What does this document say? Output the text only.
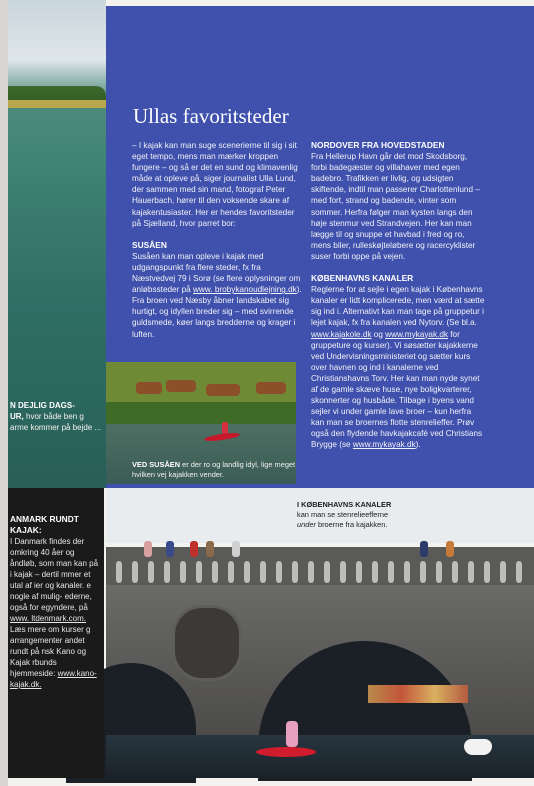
N DEJLIG DAGS-
UR, hvor både ben g arme kommer på bejde ...
Ullas favoritsteder

– I kajak kan man suge scenerierne til sig i sit eget tempo, mens man mærker kroppen fungere – og så er det en sund og klimavenlig måde at opleve på, siger journalist Ulla Lund, der sammen med sin mand, fotograf Peter Hauerbach, hører til den voksende skare af kajakentusiaster. Her er hendes favoritsteder på Sjælland, hvor parret bor:

SUSÅEN

Susåen kan man opleve i kajak med udgangspunkt fra flere steder, fx fra Næstvedvej 79 i Sorø (se flere oplysninger om anløbssteder på www. brobykanoudlejning.dk). Fra broen ved Næsby åbner landskabet sig hurtigt, og idyllen breder sig – med svirrende guldsmede, køer langs bredderne og krager i luften.

NORDOVER FRA HOVEDSTADEN

Fra Hellerup Havn går det mod Skodsborg, forbi badegæster og villahaver med egen badebro. Trafikken er livlig, og udsigten skiftende, indtil man passerer Charlottenlund – med fort, strand og badende, vinter som sommer. Herfra følger man kysten langs den høje stenmur ved Strandvejen. Her kan man lægge til og snuppe et havbad i fred og ro, mens biler, rulleskøjteløbere og racercyklister suser forbi oppe på vejen.

KØBENHAVNS KANALER

Reglerne for at sejle i egen kajak i Københavns kanaler er lidt komplicerede, men værd at sætte sig ind i. Alternativt kan man tage på gruppetur i lejet kajak, fx fra kanalen ved Nytorv. (Se bl.a. www.kajakole.dk og www.mykayak.dk for gruppeture og kurser). Vi søsætter kajakkerne ved Undervisningsministeriet og sætter kurs over havnen og ind i kanalerne ved Christianshavns Torv. Her kan man nyde synet af de gamle skæve huse, nye boligkvarterer, skonnerter og husbåde. Tilbage i byens vand sejler vi under gamle lave broer – kun herfra kan man se broernes flotte stenrelieffer. Prøv også den flydende havkajakcafé ved Christians Brygge (se www.mykayak.dk).

VED SUSÅEN er der ro og landlig idyl, lige meget hvilken vej kajakken vender.
I KØBENHAVNS KANALER
kan man se stenrelieefferne
under broerne fra kajakken.
ANMARK RUNDT KAJAK:

I Danmark findes der omkring 40 åer og åndløb, som man kan på i kajak – dertil mmer et utal af ier og kanaler. e nogle af mulig- ederne, også for egyndere, på www. ltdenmark.com. Læs mere om kurser g arrangementer andet rundt på nsk Kano og Kajak rbunds hjemmeside: www.kano-kajak.dk.
